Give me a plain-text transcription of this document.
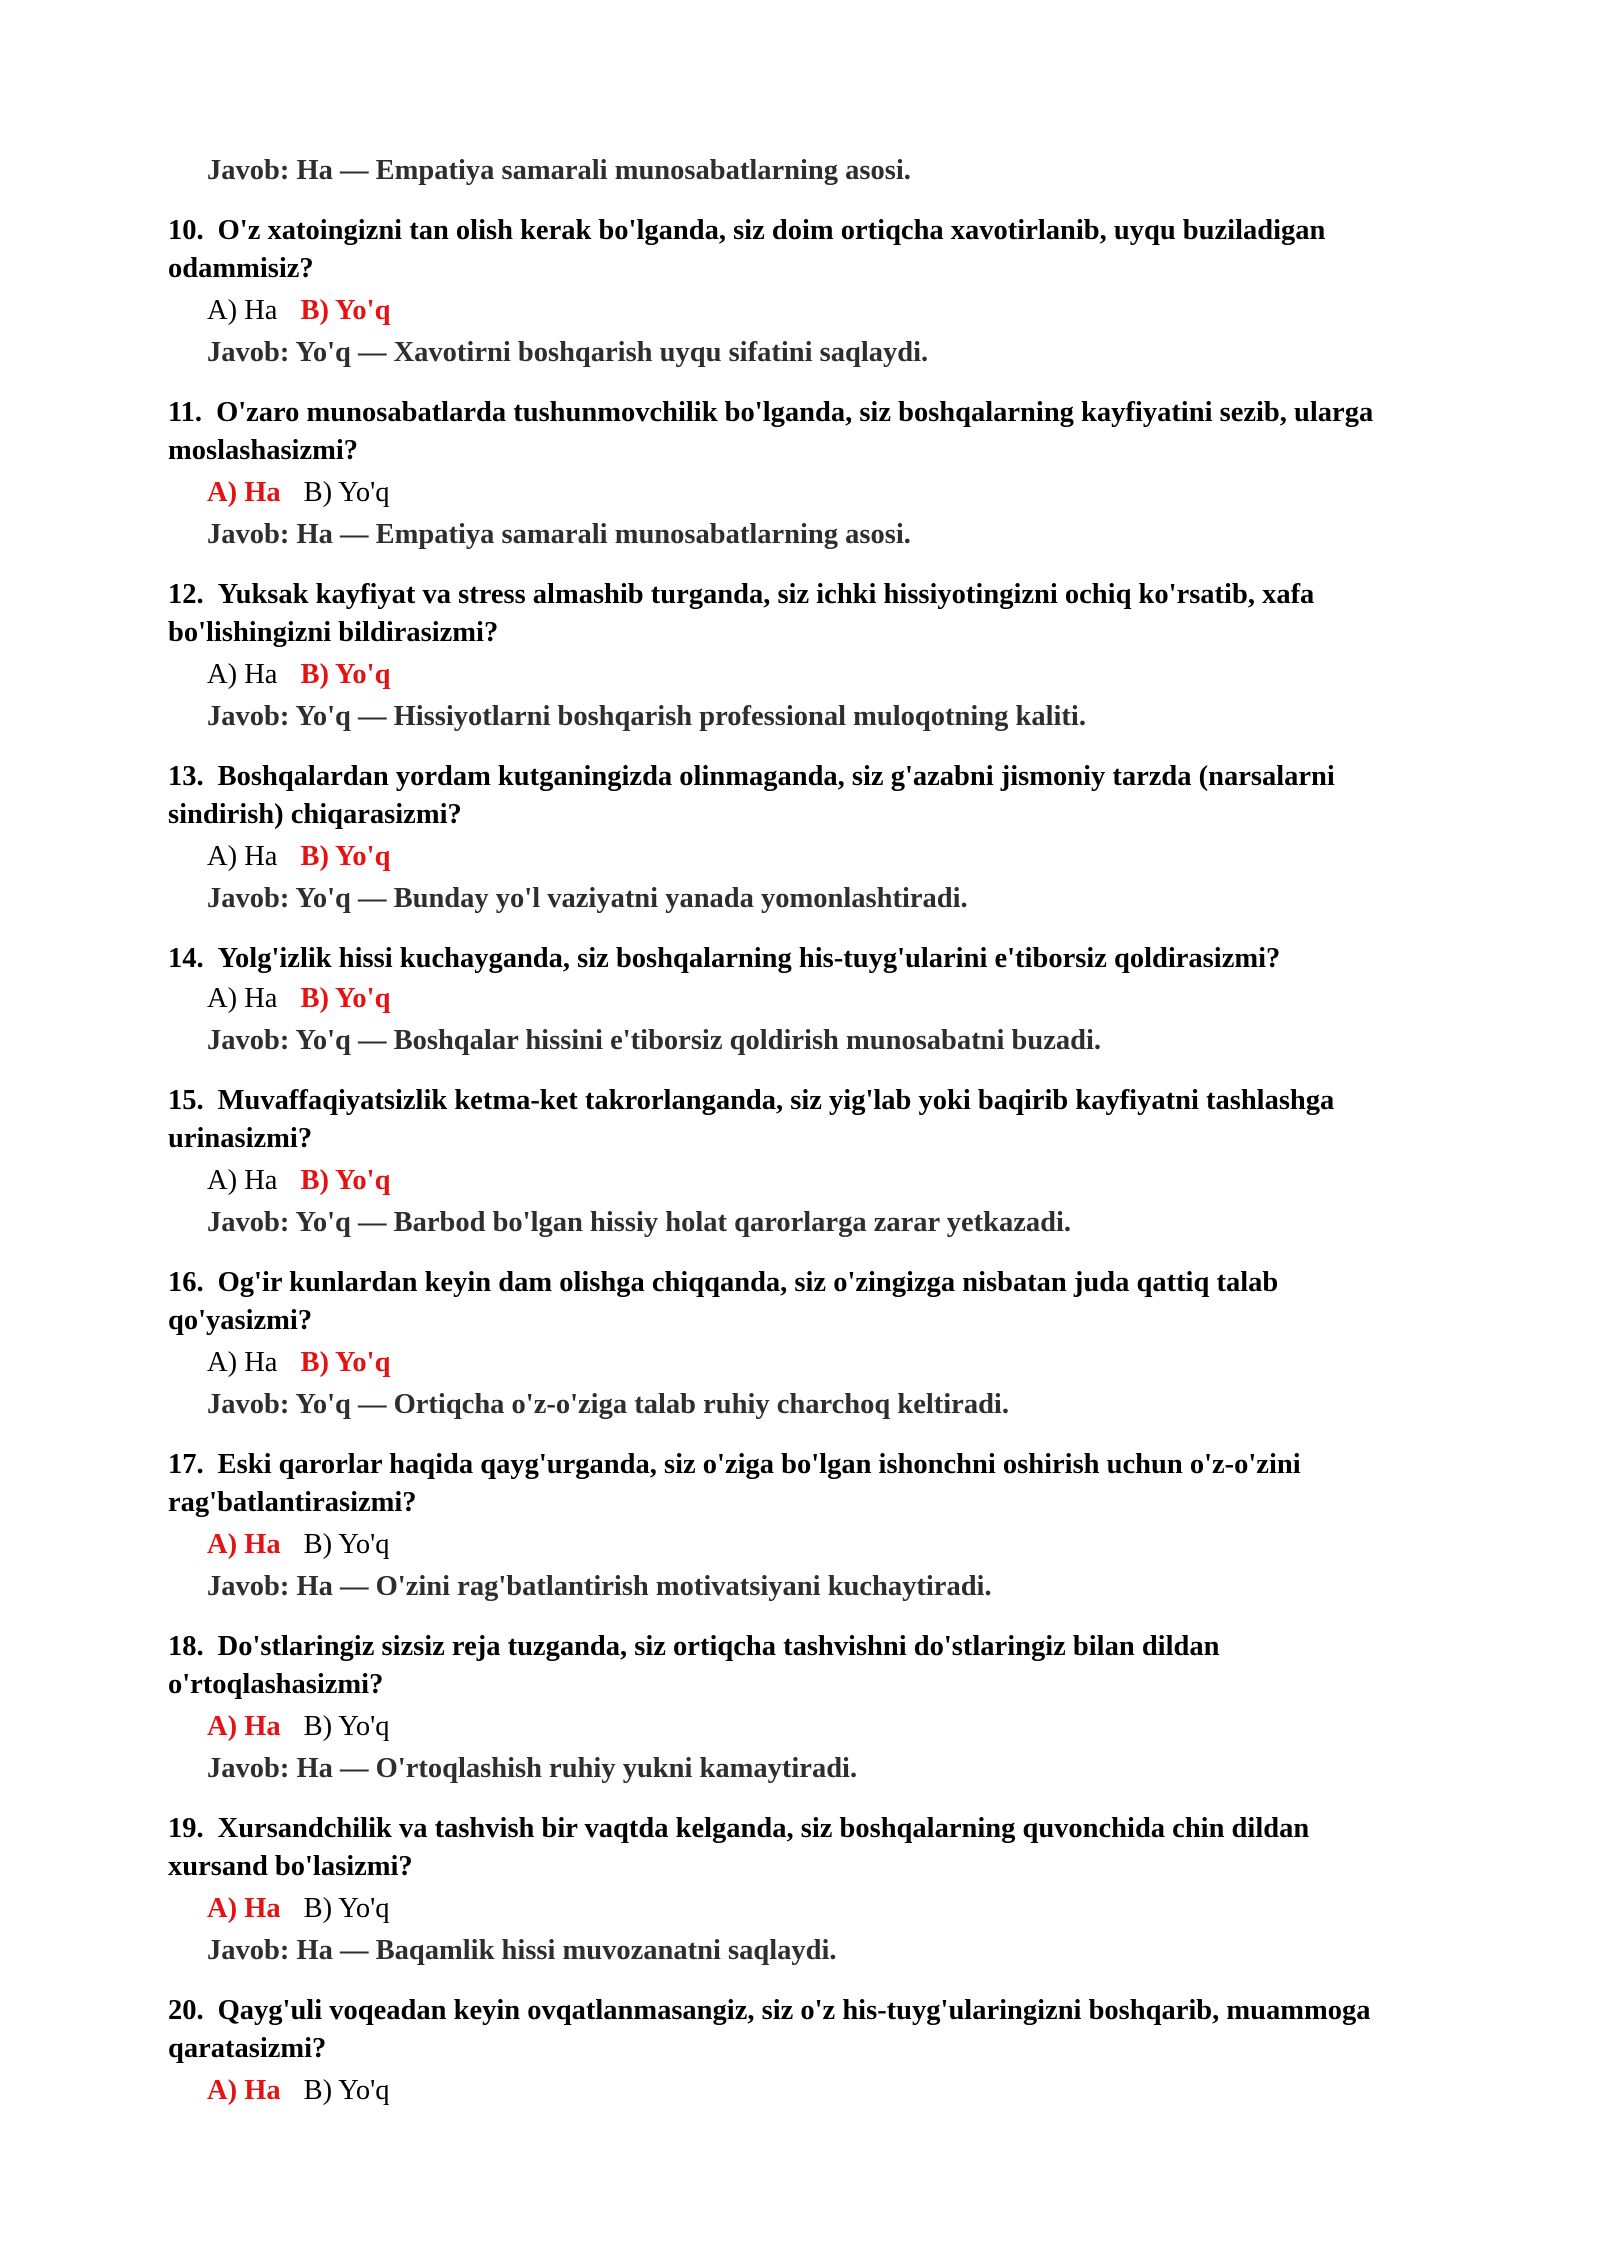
Javob: Ha — Empatiya samarali munosabatlarning asosi.
10. O'z xatoingizni tan olish kerak bo'lganda, siz doim ortiqcha xavotirlanib, uyqu buziladigan
odammisiz?
A) Ha B) Yo'q
Javob: Yo'q — Xavotirni boshqarish uyqu sifatini saqlaydi.
11. O'zaro munosabatlarda tushunmovchilik bo'lganda, siz boshqalarning kayfiyatini sezib, ularga
moslashasizmi?
A) Ha B) Yo'q
Javob: Ha — Empatiya samarali munosabatlarning asosi.
12. Yuksak kayfiyat va stress almashib turganda, siz ichki hissiyotingizni ochiq ko'rsatib, xafa
bo'lishingizni bildirasizmi?
A) Ha B) Yo'q
Javob: Yo'q — Hissiyotlarni boshqarish professional muloqotning kaliti.
13. Boshqalardan yordam kutganingizda olinmaganda, siz g'azabni jismoniy tarzda (narsalarni
sindirish) chiqarasizmi?
A) Ha B) Yo'q
Javob: Yo'q — Bunday yo'l vaziyatni yanada yomonlashtiradi.
14. Yolg'izlik hissi kuchayganda, siz boshqalarning his-tuyg'ularini e'tiborsiz qoldirasizmi?
A) Ha B) Yo'q
Javob: Yo'q — Boshqalar hissini e'tiborsiz qoldirish munosabatni buzadi.
15. Muvaffaqiyatsizlik ketma-ket takrorlanganda, siz yig'lab yoki baqirib kayfiyatni tashlashga
urinasizmi?
A) Ha B) Yo'q
Javob: Yo'q — Barbod bo'lgan hissiy holat qarorlarga zarar yetkazadi.
16. Og'ir kunlardan keyin dam olishga chiqqanda, siz o'zingizga nisbatan juda qattiq talab
qo'yasizmi?
A) Ha B) Yo'q
Javob: Yo'q — Ortiqcha o'z-o'ziga talab ruhiy charchoq keltiradi.
17. Eski qarorlar haqida qayg'urganda, siz o'ziga bo'lgan ishonchni oshirish uchun o'z-o'zini
rag'batlantirasizmi?
A) Ha B) Yo'q
Javob: Ha — O'zini rag'batlantirish motivatsiyani kuchaytiradi.
18. Do'stlaringiz sizsiz reja tuzganda, siz ortiqcha tashvishni do'stlaringiz bilan dildan
o'rtoqlashasizmi?
A) Ha B) Yo'q
Javob: Ha — O'rtoqlashish ruhiy yukni kamaytiradi.
19. Xursandchilik va tashvish bir vaqtda kelganda, siz boshqalarning quvonchida chin dildan
xursand bo'lasizmi?
A) Ha B) Yo'q
Javob: Ha — Baqamlik hissi muvozanatni saqlaydi.
20. Qayg'uli voqeadan keyin ovqatlanmasangiz, siz o'z his-tuyg'ularingizni boshqarib, muammoga
qaratasizmi?
A) Ha B) Yo'q
